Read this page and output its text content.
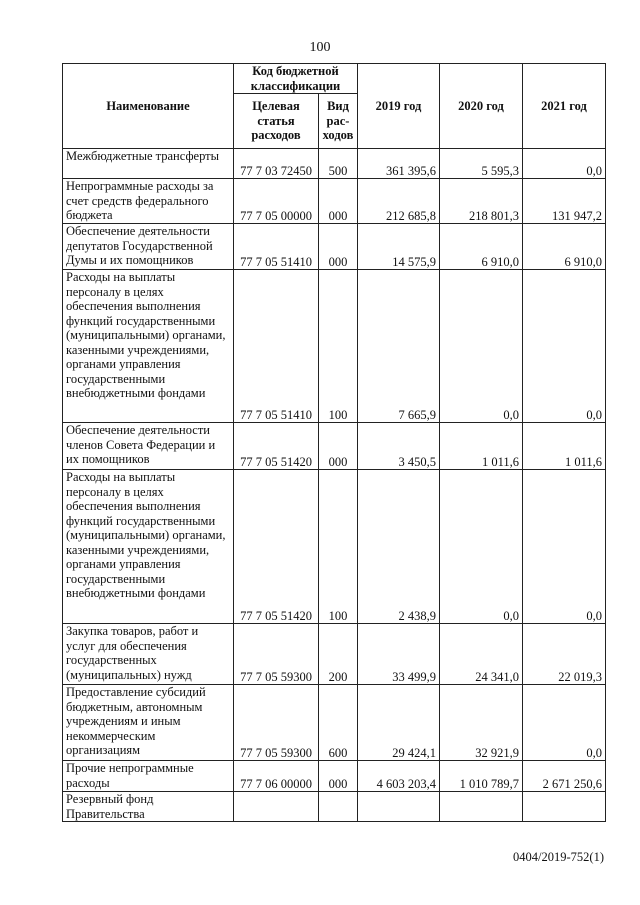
100
Наименование	Код бюджетной классификации		2019 год	2020 год	2021 год
	Целевая статья расходов	Вид рас-ходов			
Межбюджетные трансферты	77 7 03 72450	500	361 395,6	5 595,3	0,0
Непрограммные расходы за счет средств федерального бюджета	77 7 05 00000	000	212 685,8	218 801,3	131 947,2
Обеспечение деятельности депутатов Государственной Думы и их помощников	77 7 05 51410	000	14 575,9	6 910,0	6 910,0
Расходы на выплаты персоналу в целях обеспечения выполнения функций государственными (муниципальными) органами, казенными учреждениями, органами управления государственными внебюджетными фондами	77 7 05 51410	100	7 665,9	0,0	0,0
Обеспечение деятельности членов Совета Федерации и их помощников	77 7 05 51420	000	3 450,5	1 011,6	1 011,6
Расходы на выплаты персоналу в целях обеспечения выполнения функций государственными (муниципальными) органами, казенными учреждениями, органами управления государственными внебюджетными фондами	77 7 05 51420	100	2 438,9	0,0	0,0
Закупка товаров, работ и услуг для обеспечения государственных (муниципальных) нужд	77 7 05 59300	200	33 499,9	24 341,0	22 019,3
Предоставление субсидий бюджетным, автономным учреждениям и иным некоммерческим организациям	77 7 05 59300	600	29 424,1	32 921,9	0,0
Прочие непрограммные расходы	77 7 06 00000	000	4 603 203,4	1 010 789,7	2 671 250,6
Резервный фонд Правительства					
0404/2019-752(1)
